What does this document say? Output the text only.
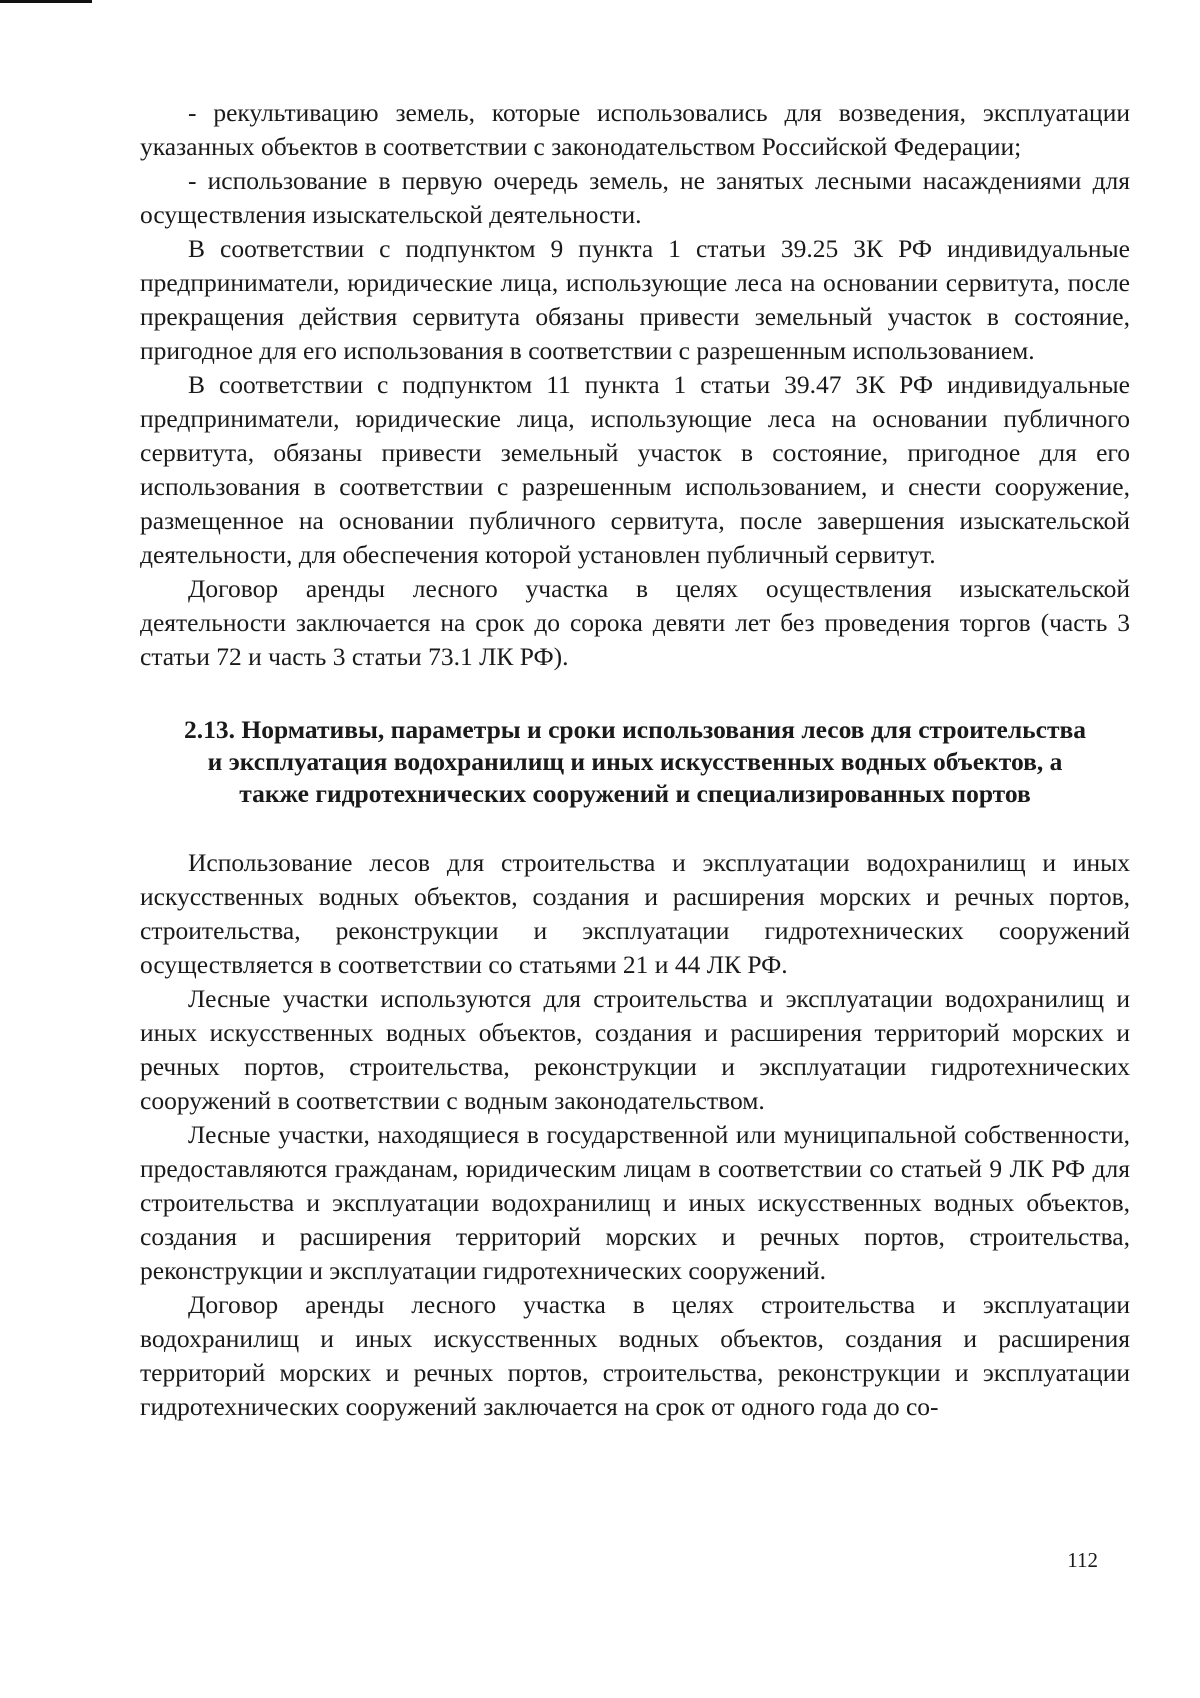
- рекультивацию земель, которые использовались для возведения, эксплуатации указанных объектов в соответствии с законодательством Российской Федерации;

- использование в первую очередь земель, не занятых лесными насаждениями для осуществления изыскательской деятельности.

В соответствии с подпунктом 9 пункта 1 статьи 39.25 ЗК РФ индивидуальные предприниматели, юридические лица, использующие леса на основании сервитута, после прекращения действия сервитута обязаны привести земельный участок в состояние, пригодное для его использования в соответствии с разрешенным использованием.

В соответствии с подпунктом 11 пункта 1 статьи 39.47 ЗК РФ индивидуальные предприниматели, юридические лица, использующие леса на основании публичного сервитута, обязаны привести земельный участок в состояние, пригодное для его использования в соответствии с разрешенным использованием, и снести сооружение, размещенное на основании публичного сервитута, после завершения изыскательской деятельности, для обеспечения которой установлен публичный сервитут.

Договор аренды лесного участка в целях осуществления изыскательской деятельности заключается на срок до сорока девяти лет без проведения торгов (часть 3 статьи 72 и часть 3 статьи 73.1 ЛК РФ).

2.13. Нормативы, параметры и сроки использования лесов для строительства и эксплуатация водохранилищ и иных искусственных водных объектов, а также гидротехнических сооружений и специализированных портов

Использование лесов для строительства и эксплуатации водохранилищ и иных искусственных водных объектов, создания и расширения морских и речных портов, строительства, реконструкции и эксплуатации гидротехнических сооружений осуществляется в соответствии со статьями 21 и 44 ЛК РФ.

Лесные участки используются для строительства и эксплуатации водохранилищ и иных искусственных водных объектов, создания и расширения территорий морских и речных портов, строительства, реконструкции и эксплуатации гидротехнических сооружений в соответствии с водным законодательством.

Лесные участки, находящиеся в государственной или муниципальной собственности, предоставляются гражданам, юридическим лицам в соответствии со статьей 9 ЛК РФ для строительства и эксплуатации водохранилищ и иных искусственных водных объектов, создания и расширения территорий морских и речных портов, строительства, реконструкции и эксплуатации гидротехнических сооружений.

Договор аренды лесного участка в целях строительства и эксплуатации водохранилищ и иных искусственных водных объектов, создания и расширения территорий морских и речных портов, строительства, реконструкции и эксплуатации гидротехнических сооружений заключается на срок от одного года до со-

112
